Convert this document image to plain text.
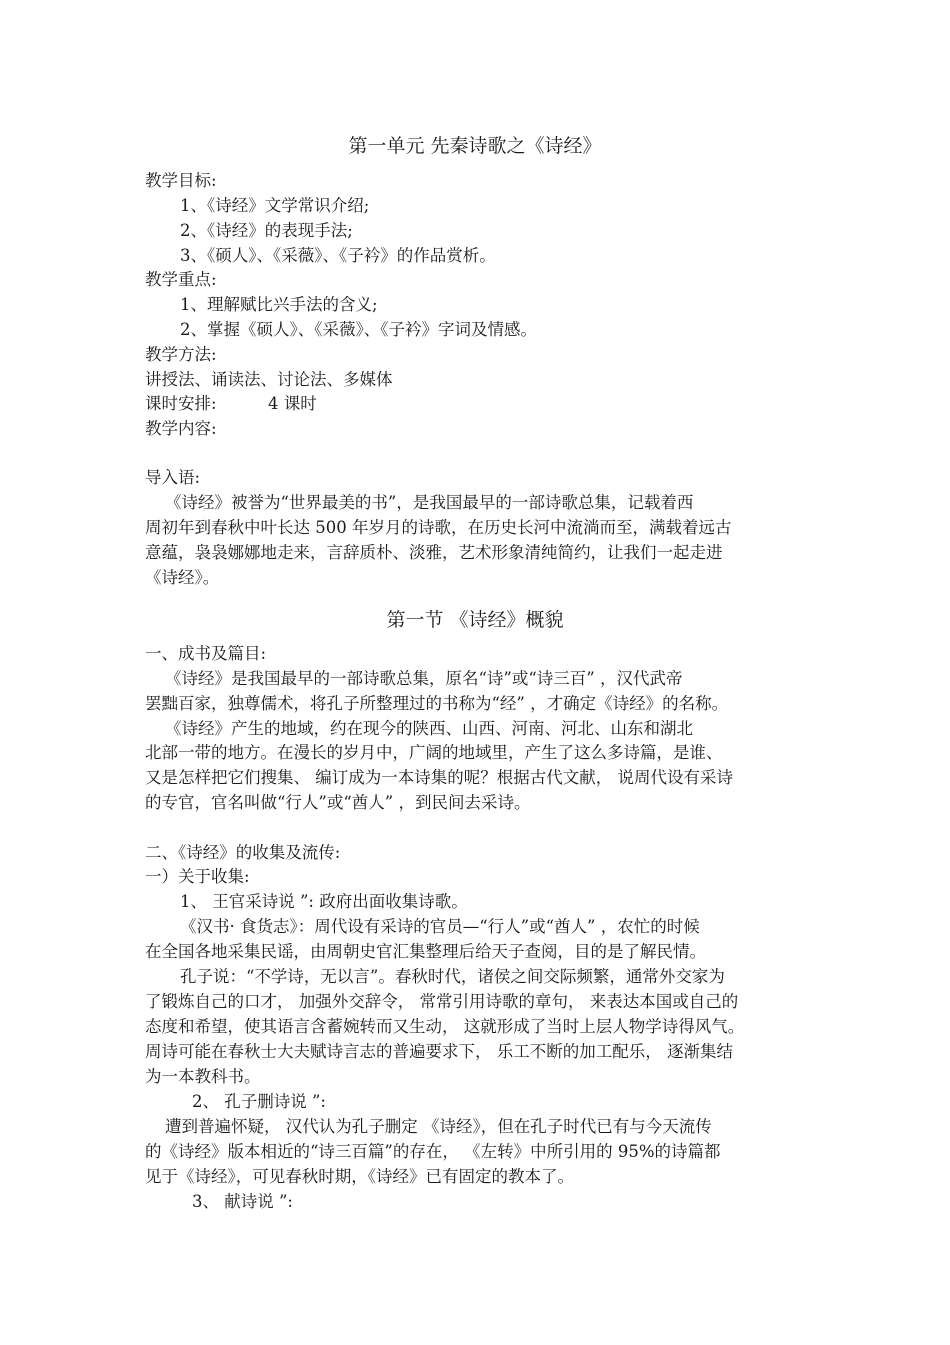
第一单元 先秦诗歌之《诗经》
教学目标:
1、《诗经》文学常识介绍;
2、《诗经》的表现手法;
3、《硕人》、《采薇》、《子衿》的作品赏析。
教学重点:
1、理解赋比兴手法的含义;
2、掌握《硕人》、《采薇》、《子衿》字词及情感。
教学方法:
讲授法、诵读法、讨论法、多媒体
课时安排:	4 课时
教学内容:
导入语:
《诗经》被誉为“世界最美的书”，是我国最早的一部诗歌总集，记载着西
周初年到春秋中叶长达 500 年岁月的诗歌，在历史长河中流淌而至，满载着远古
意蕴，袅袅娜娜地走来，言辞质朴、淡雅，艺术形象清纯简约，让我们一起走进
《诗经》。
第一节 《诗经》概貌
一、成书及篇目:
《诗经》是我国最早的一部诗歌总集，原名“诗”或“诗三百” ，汉代武帝
罢黜百家，独尊儒术，将孔子所整理过的书称为“经” ，才确定《诗经》的名称。
《诗经》产生的地域，约在现今的陕西、山西、河南、河北、山东和湖北
北部一带的地方。在漫长的岁月中，广阔的地域里，产生了这么多诗篇，是谁、
又是怎样把它们搜集、 编订成为一本诗集的呢？根据古代文献， 说周代设有采诗
的专官，官名叫做“行人”或“酋人” ，到民间去采诗。
二、《诗经》的收集及流传:
一）关于收集:
1、 王官采诗说 ”: 政府出面收集诗歌。
《汉书· 食货志》：周代设有采诗的官员—“行人”或“酋人” ，农忙的时候
在全国各地采集民谣，由周朝史官汇集整理后给天子查阅，目的是了解民情。
孔子说：“不学诗，无以言”。春秋时代，诸侯之间交际频繁，通常外交家为
了锻炼自己的口才， 加强外交辞令， 常常引用诗歌的章句， 来表达本国或自己的
态度和希望，使其语言含蓄婉转而又生动， 这就形成了当时上层人物学诗得风气。
周诗可能在春秋士大夫赋诗言志的普遍要求下， 乐工不断的加工配乐， 逐渐集结
为一本教科书。
2、 孔子删诗说 ”:
遭到普遍怀疑， 汉代认为孔子删定 《诗经》，但在孔子时代已有与今天流传
的《诗经》版本相近的“诗三百篇”的存在， 《左转》中所引用的 95%的诗篇都
见于《诗经》，可见春秋时期，《诗经》已有固定的教本了。
3、 献诗说 ”:
